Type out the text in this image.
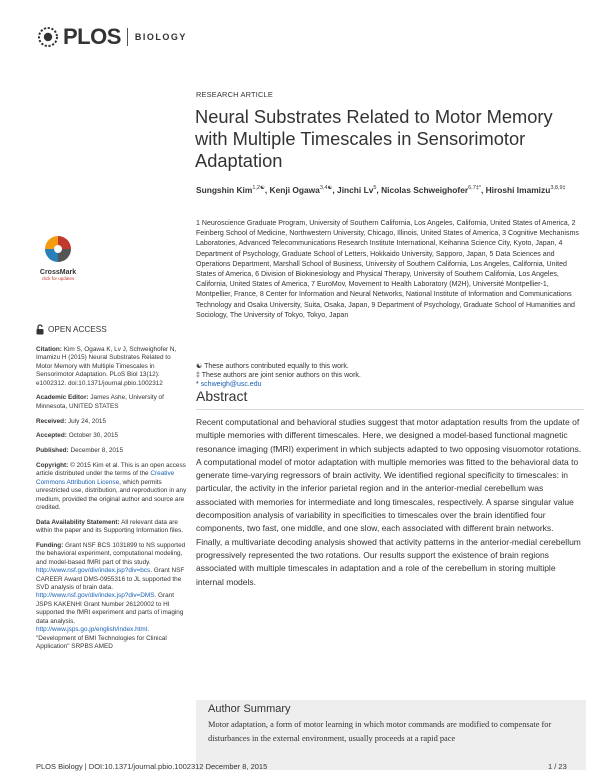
PLOS BIOLOGY
CrossMark
click for updates
OPEN ACCESS

Citation: Kim S, Ogawa K, Lv J, Schweighofer N, Imamizu H (2015) Neural Substrates Related to Motor Memory with Multiple Timescales in Sensorimotor Adaptation. PLoS Biol 13(12): e1002312. doi:10.1371/journal.pbio.1002312

Academic Editor: James Ashe, University of Minnesota, UNITED STATES

Received: July 24, 2015

Accepted: October 30, 2015

Published: December 8, 2015

Copyright: © 2015 Kim et al. This is an open access article distributed under the terms of the Creative Commons Attribution License, which permits unrestricted use, distribution, and reproduction in any medium, provided the original author and source are credited.

Data Availability Statement: All relevant data are within the paper and its Supporting Information files.

Funding: Grant NSF BCS 1031899 to NS supported the behavioral experiment, computational modeling, and model-based fMRI part of this study. http://www.nsf.gov/div/index.jsp?div=bcs. Grant NSF CAREER Award DMS-0955316 to JL supported the SVD analysis of brain data. http://www.nsf.gov/div/index.jsp?div=DMS. Grant JSPS KAKENHI Grant Number 26120002 to HI supported the fMRI experiment and parts of imaging data analysis. http://www.jsps.go.jp/english/index.html. "Development of BMI Technologies for Clinical Application" SRPBS AMED

RESEARCH ARTICLE
Neural Substrates Related to Motor Memory with Multiple Timescales in Sensorimotor Adaptation
Sungshin Kim$^{1,2☯}$, Kenji Ogawa$^{3,4☯}$, Jinchi Lv$^5$, Nicolas Schweighofer$^{6,7\ddagger*}$, Hiroshi Imamizu$^{3,8,9\ddagger}$
1 Neuroscience Graduate Program, University of Southern California, Los Angeles, California, United States of America, 2 Feinberg School of Medicine, Northwestern University, Chicago, Illinois, United States of America, 3 Cognitive Mechanisms Laboratories, Advanced Telecommunications Research Institute International, Keihanna Science City, Kyoto, Japan, 4 Department of Psychology, Graduate School of Letters, Hokkaido University, Sapporo, Japan, 5 Data Sciences and Operations Department, Marshall School of Business, University of Southern California, Los Angeles, California, United States of America, 6 Division of Biokinesiology and Physical Therapy, University of Southern California, Los Angeles, California, United States of America, 7 EuroMov, Movement to Health Laboratory (M2H), Université Montpellier-1, Montpellier, France, 8 Center for Information and Neural Networks, National Institute of Information and Communications Technology and Osaka University, Suita, Osaka, Japan, 9 Department of Psychology, Graduate School of Humanities and Sociology, The University of Tokyo, Tokyo, Japan
☯ These authors contributed equally to this work.
‡ These authors are joint senior authors on this work.
* schweigh@usc.edu
Abstract
Recent computational and behavioral studies suggest that motor adaptation results from the update of multiple memories with different timescales. Here, we designed a model-based functional magnetic resonance imaging (fMRI) experiment in which subjects adapted to two opposing visuomotor rotations. A computational model of motor adaptation with multiple memories was fitted to the behavioral data to generate time-varying regressors of brain activity. We identified regional specificity to timescales: in particular, the activity in the inferior parietal region and in the anterior-medial cerebellum was associated with memories for intermediate and long timescales, respectively. A sparse singular value decomposition analysis of variability in specificities to timescales over the brain identified four components, two fast, one middle, and one slow, each associated with different brain networks. Finally, a multivariate decoding analysis showed that activity patterns in the anterior-medial cerebellum progressively represented the two rotations. Our results support the existence of brain regions associated with multiple timescales in adaptation and a role of the cerebellum in storing multiple internal models.
Author Summary
Motor adaptation, a form of motor learning in which motor commands are modified to compensate for disturbances in the external environment, usually proceeds at a rapid pace
PLOS Biology | DOI:10.1371/journal.pbio.1002312 December 8, 2015	1 / 23
